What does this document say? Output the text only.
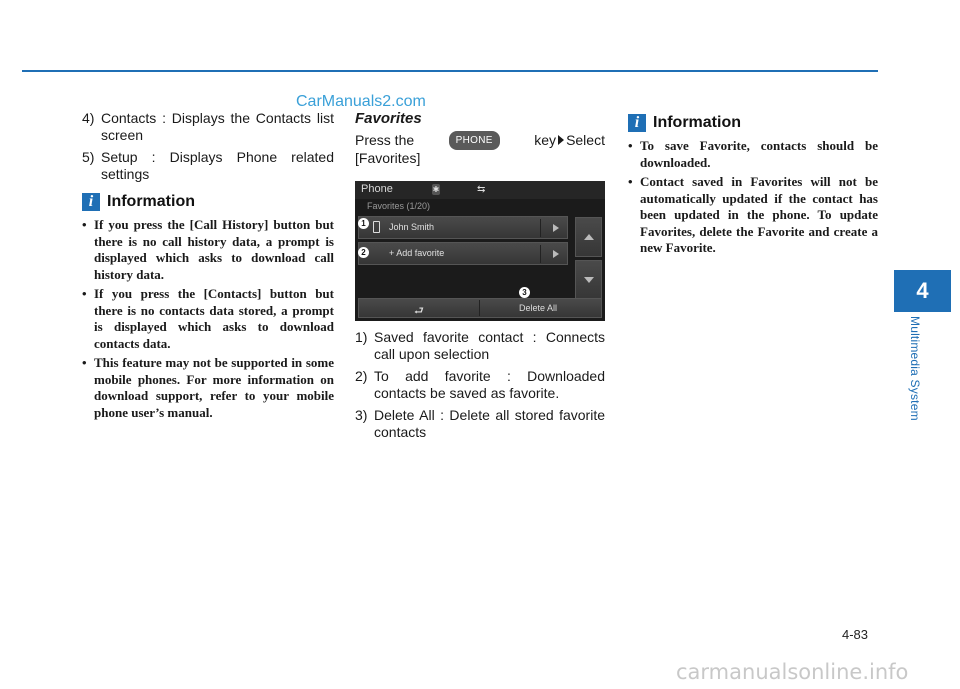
CarManuals2.com
4) Contacts : Displays the Contacts list screen
5) Setup : Displays Phone related settings
i Information
• If you press the [Call History] button but there is no call history data, a prompt is displayed which asks to download call history data.
• If you press the [Contacts] button but there is no contacts data stored, a prompt is displayed which asks to download contacts data.
• This feature may not be supported in some mobile phones. For more information on download support, refer to your mobile phone user’s manual.
Favorites
Press the	PHONE	key Select
[Favorites]
Phone	✱	⇆
Favorites (1/20)
John Smith
+ Add favorite
⮐	Delete All
1
2
3
1) Saved favorite contact : Connects call upon selection
2) To add favorite : Downloaded contacts be saved as favorite.
3) Delete All : Delete all stored favorite contacts
i Information
• To save Favorite, contacts should be downloaded.
• Contact saved in Favorites will not be automatically updated if the contact has been updated in the phone. To update Favorites, delete the Favorite and create a new Favorite.
4
Multimedia System
4-83
carmanualsonline.info
